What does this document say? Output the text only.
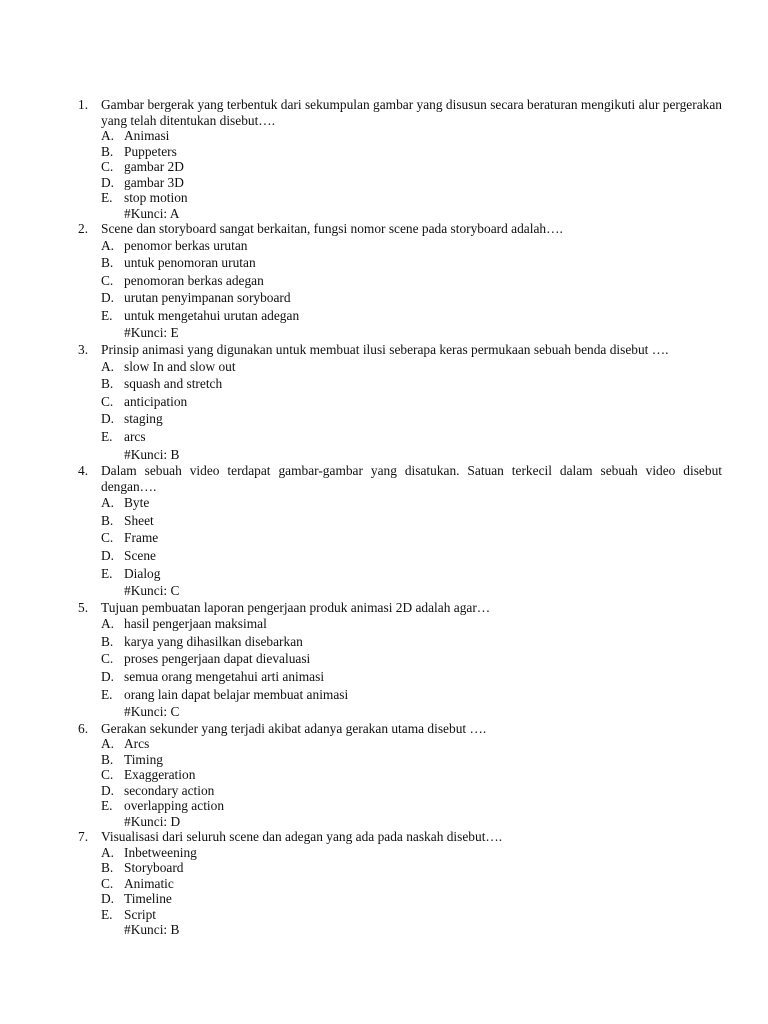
1. Gambar bergerak yang terbentuk dari sekumpulan gambar yang disusun secara beraturan mengikuti alur pergerakan yang telah ditentukan disebut….
A. Animasi
B. Puppeters
C. gambar 2D
D. gambar 3D
E. stop motion
#Kunci: A
2. Scene dan storyboard sangat berkaitan, fungsi nomor scene pada storyboard adalah….
A. penomor berkas urutan
B. untuk penomoran urutan
C. penomoran berkas adegan
D. urutan penyimpanan soryboard
E. untuk mengetahui urutan adegan
#Kunci: E
3. Prinsip animasi yang digunakan untuk membuat ilusi seberapa keras permukaan sebuah benda disebut ….
A. slow In and slow out
B. squash and stretch
C. anticipation
D. staging
E. arcs
#Kunci: B
4. Dalam sebuah video terdapat gambar-gambar yang disatukan. Satuan terkecil dalam sebuah video disebut dengan….
A. Byte
B. Sheet
C. Frame
D. Scene
E. Dialog
#Kunci: C
5. Tujuan pembuatan laporan pengerjaan produk animasi 2D adalah agar…
A. hasil pengerjaan maksimal
B. karya yang dihasilkan disebarkan
C. proses pengerjaan dapat dievaluasi
D. semua orang mengetahui arti animasi
E. orang lain dapat belajar membuat animasi
#Kunci: C
6. Gerakan sekunder yang terjadi akibat adanya gerakan utama disebut ….
A. Arcs
B. Timing
C. Exaggeration
D. secondary action
E. overlapping action
#Kunci: D
7. Visualisasi dari seluruh scene dan adegan yang ada pada naskah disebut….
A. Inbetweening
B. Storyboard
C. Animatic
D. Timeline
E. Script
#Kunci: B
